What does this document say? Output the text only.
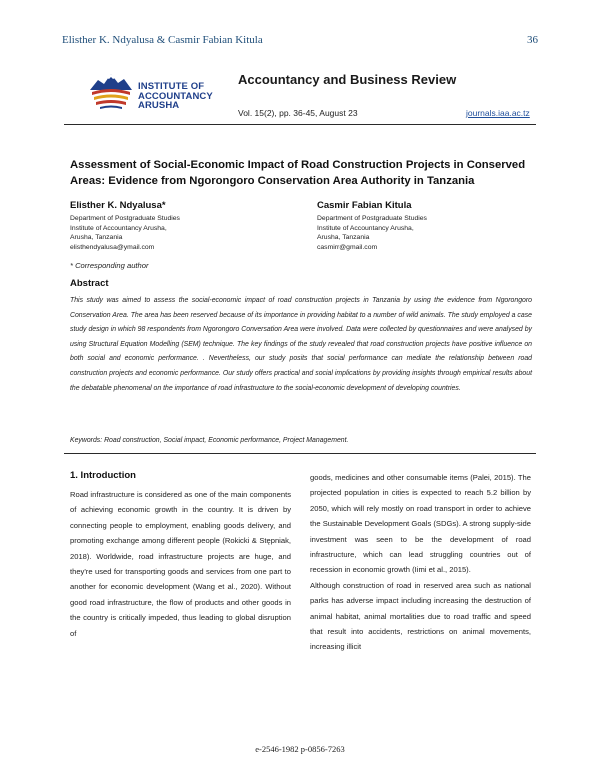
Elisther K. Ndyalusa & Casmir Fabian Kitula	36
INSTITUTE OF
ACCOUNTANCY
ARUSHA
Accountancy and Business Review
Vol. 15(2), pp. 36-45, August 23	journals.iaa.ac.tz
Assessment of Social-Economic Impact of Road Construction Projects in Conserved Areas: Evidence from Ngorongoro Conservation Area Authority in Tanzania
Elisther K. Ndyalusa*
Department of Postgraduate Studies
Institute of Accountancy Arusha,
Arusha, Tanzania
elisthendyalusa@ymail.com
Casmir Fabian Kitula
Department of Postgraduate Studies
Institute of Accountancy Arusha,
Arusha, Tanzania
casmirr@gmail.com
* Corresponding author
Abstract
This study was aimed to assess the social-economic impact of road construction projects in Tanzania by using the evidence from Ngorongoro Conservation Area. The area has been reserved because of its importance in providing habitat to a number of wild animals. The study employed a case study design in which 98 respondents from Ngorongoro Conversation Area were involved. Data were collected by questionnaires and were analysed by using Structural Equation Modelling (SEM) technique. The key findings of the study revealed that road construction projects have positive influence on both social and economic performance. . Nevertheless, our study posits that social performance can mediate the relationship between road construction projects and economic performance. Our study offers practical and social implications by providing insights through empirical results about the debatable phenomenal on the importance of road infrastructure to the social-economic development of developing countries.
Keywords: Road construction, Social impact, Economic performance, Project Management.
1. Introduction

Road infrastructure is considered as one of the main components of achieving economic growth in the country. It is driven by connecting people to employment, enabling goods delivery, and promoting exchange among different people (Rokicki & Stępniak, 2018). Worldwide, road infrastructure projects are huge, and they're used for transporting goods and services from one part to another for economic development (Wang et al., 2020). Without good road infrastructure, the flow of products and other goods in the country is critically impeded, thus leading to global disruption of

goods, medicines and other consumable items (Palei, 2015). The projected population in cities is expected to reach 5.2 billion by 2050, which will rely mostly on road transport in order to achieve the Sustainable Development Goals (SDGs). A strong supply-side investment was seen to be the development of road infrastructure, which can lead struggling countries out of recession in economic growth (Iimi et al., 2015).

Although construction of road in reserved area such as national parks has adverse impact including increasing the destruction of animal habitat, animal mortalities due to road traffic and speed that result into accidents, restrictions on animal movements, increasing illicit

e-2546-1982 p-0856-7263
